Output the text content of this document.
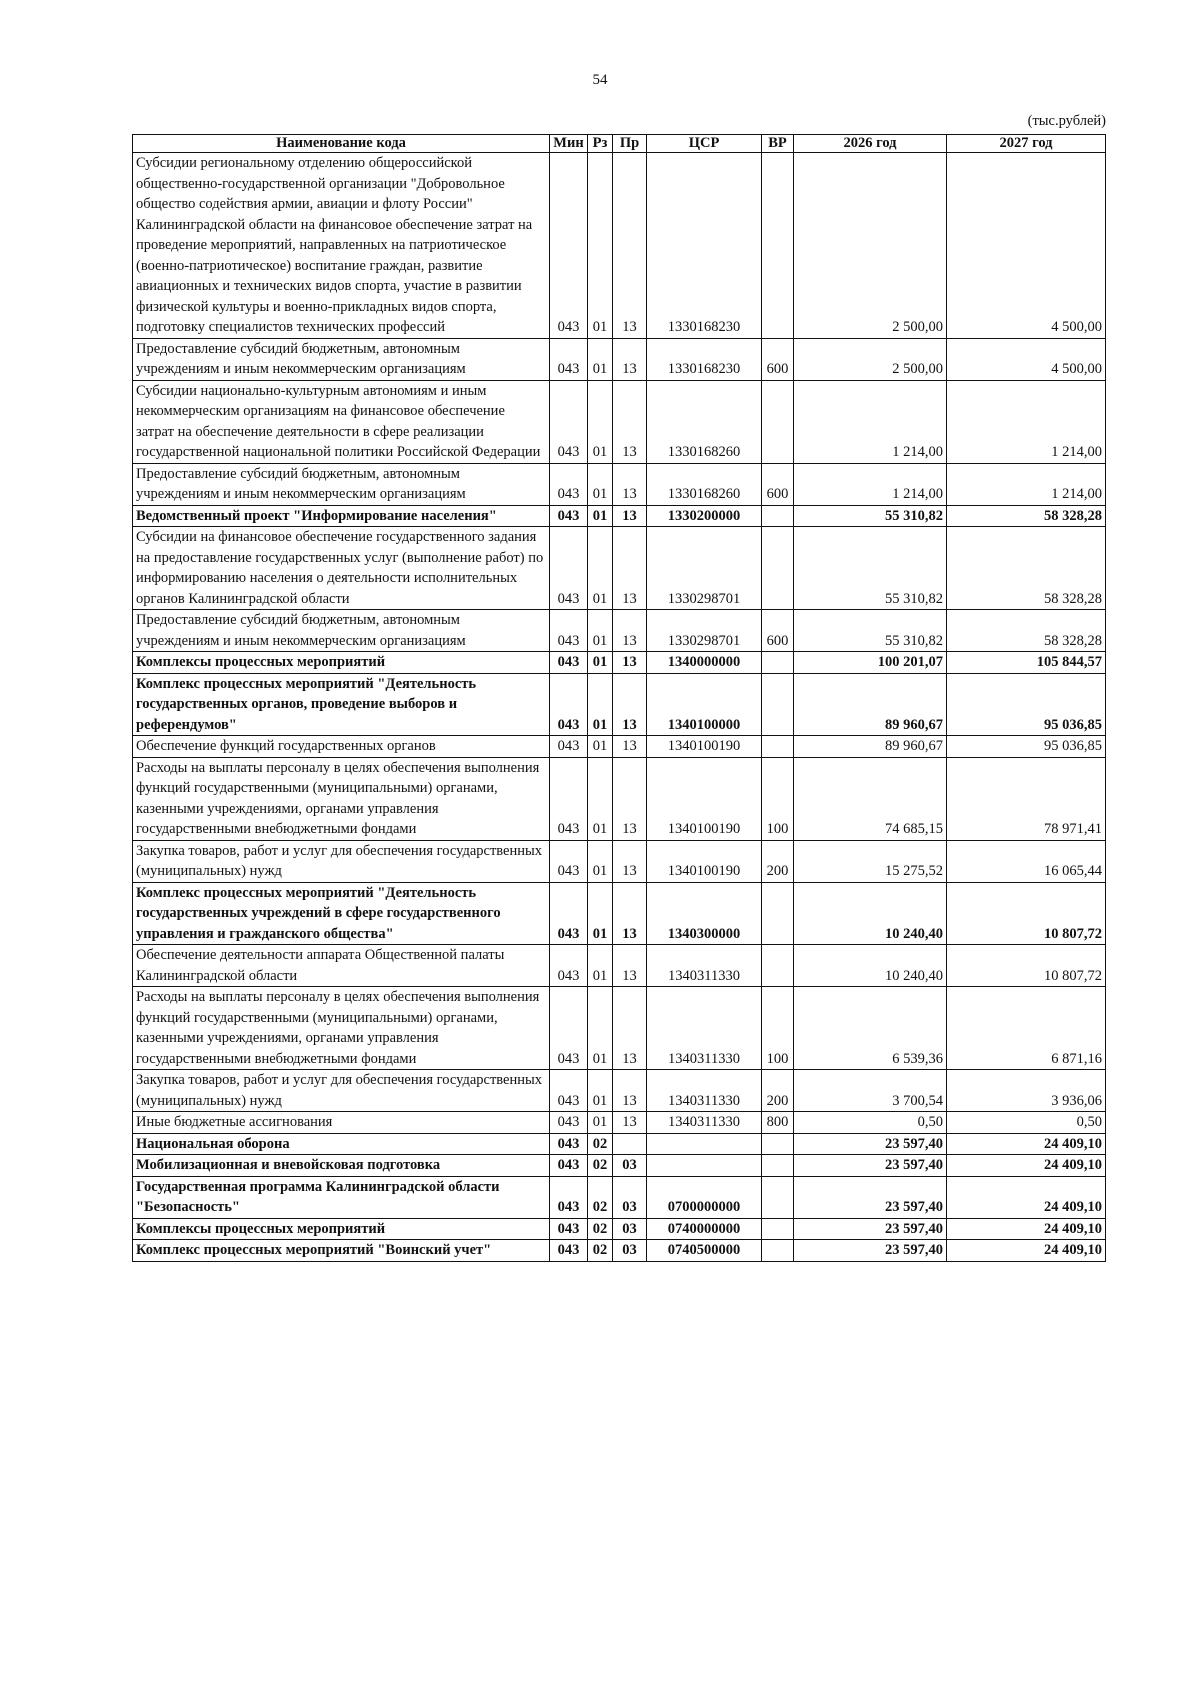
54
(тыс.рублей)
Наименование кода	Мин	Рз	Пр	ЦСР	ВР	2026 год	2027 год
Субсидии региональному отделению общероссийской общественно-государственной организации "Добровольное общество содействия армии, авиации и флоту России" Калининградской области на финансовое обеспечение затрат на проведение мероприятий, направленных на патриотическое (военно-патриотическое) воспитание граждан, развитие авиационных и технических видов спорта, участие в развитии физической культуры и военно-прикладных видов спорта, подготовку специалистов технических профессий	043	01	13	1330168230		2 500,00	4 500,00
Предоставление субсидий бюджетным, автономным учреждениям и иным некоммерческим организациям	043	01	13	1330168230	600	2 500,00	4 500,00
Субсидии национально-культурным автономиям и иным некоммерческим организациям на финансовое обеспечение затрат на обеспечение деятельности в сфере реализации государственной национальной политики Российской Федерации	043	01	13	1330168260		1 214,00	1 214,00
Предоставление субсидий бюджетным, автономным учреждениям и иным некоммерческим организациям	043	01	13	1330168260	600	1 214,00	1 214,00
Ведомственный проект "Информирование населения"	043	01	13	1330200000		55 310,82	58 328,28
Субсидии на финансовое обеспечение государственного задания на предоставление государственных услуг (выполнение работ) по информированию населения о деятельности исполнительных органов Калининградской области	043	01	13	1330298701		55 310,82	58 328,28
Предоставление субсидий бюджетным, автономным учреждениям и иным некоммерческим организациям	043	01	13	1330298701	600	55 310,82	58 328,28
Комплексы процессных мероприятий	043	01	13	1340000000		100 201,07	105 844,57
Комплекс процессных мероприятий "Деятельность государственных органов, проведение выборов и референдумов"	043	01	13	1340100000		89 960,67	95 036,85
Обеспечение функций государственных органов	043	01	13	1340100190		89 960,67	95 036,85
Расходы на выплаты персоналу в целях обеспечения выполнения функций государственными (муниципальными) органами, казенными учреждениями, органами управления государственными внебюджетными фондами	043	01	13	1340100190	100	74 685,15	78 971,41
Закупка товаров, работ и услуг для обеспечения государственных (муниципальных) нужд	043	01	13	1340100190	200	15 275,52	16 065,44
Комплекс процессных мероприятий "Деятельность государственных учреждений в сфере государственного управления и гражданского общества"	043	01	13	1340300000		10 240,40	10 807,72
Обеспечение деятельности аппарата Общественной палаты Калининградской области	043	01	13	1340311330		10 240,40	10 807,72
Расходы на выплаты персоналу в целях обеспечения выполнения функций государственными (муниципальными) органами, казенными учреждениями, органами управления государственными внебюджетными фондами	043	01	13	1340311330	100	6 539,36	6 871,16
Закупка товаров, работ и услуг для обеспечения государственных (муниципальных) нужд	043	01	13	1340311330	200	3 700,54	3 936,06
Иные бюджетные ассигнования	043	01	13	1340311330	800	0,50	0,50
Национальная оборона	043	02				23 597,40	24 409,10
Мобилизационная и вневойсковая подготовка	043	02	03			23 597,40	24 409,10
Государственная программа Калининградской области "Безопасность"	043	02	03	0700000000		23 597,40	24 409,10
Комплексы процессных мероприятий	043	02	03	0740000000		23 597,40	24 409,10
Комплекс процессных мероприятий "Воинский учет"	043	02	03	0740500000		23 597,40	24 409,10
